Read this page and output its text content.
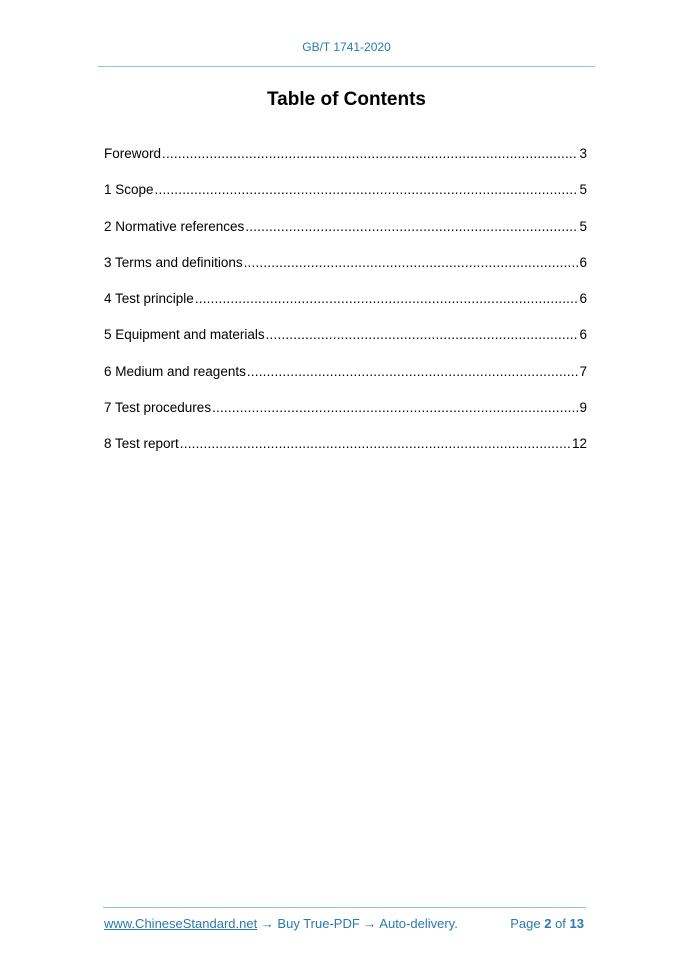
GB/T 1741-2020
Table of Contents
Foreword .....	3
1 Scope .....	5
2 Normative references .....	5
3 Terms and definitions .....	6
4 Test principle .....	6
5 Equipment and materials .....	6
6 Medium and reagents .....	7
7 Test procedures .....	9
8 Test report .....	12
www.ChineseStandard.net → Buy True-PDF → Auto-delivery.	Page 2 of 13
